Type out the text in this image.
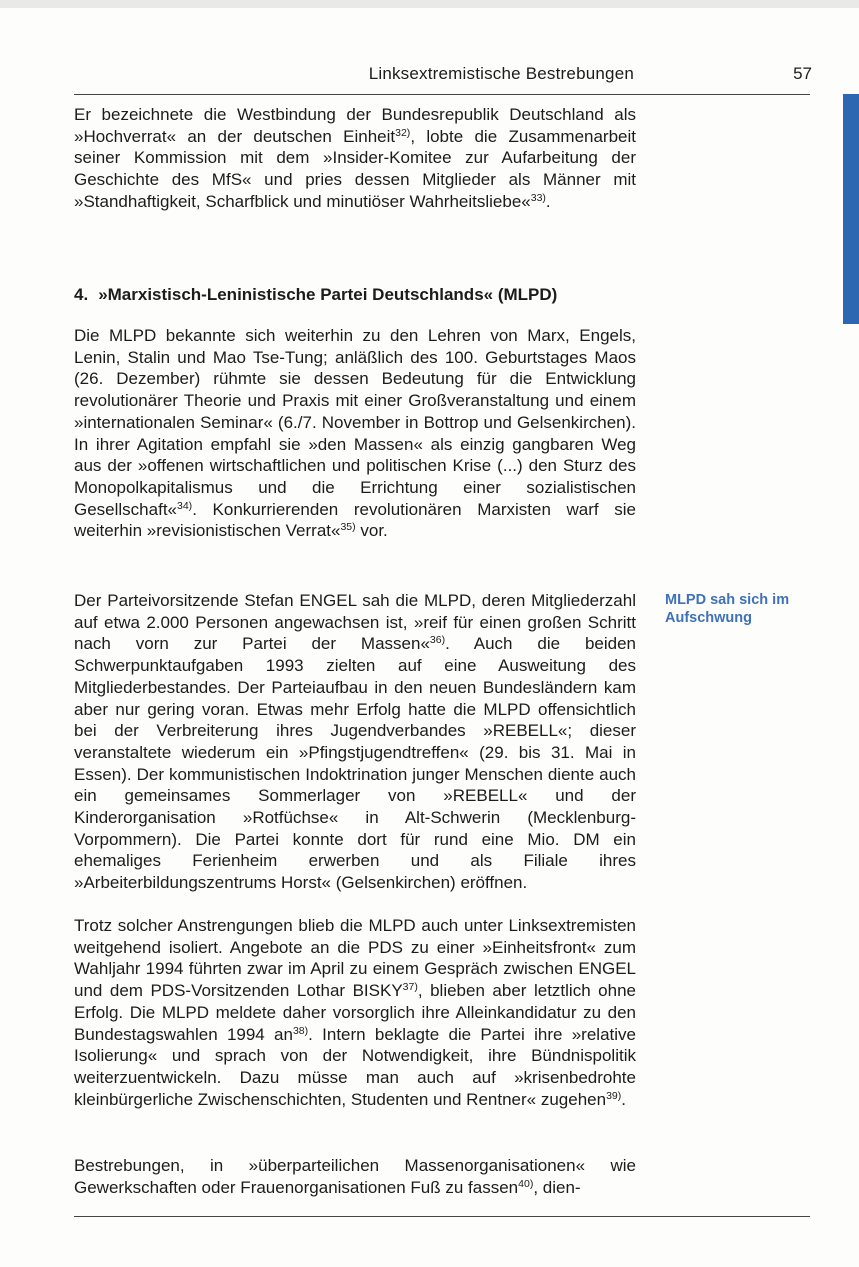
Linksextremistische Bestrebungen	57

Er bezeichnete die Westbindung der Bundesrepublik Deutschland als »Hochverrat« an der deutschen Einheit$^{32)}$, lobte die Zusammenarbeit seiner Kommission mit dem »Insider-Komitee zur Aufarbeitung der Geschichte des MfS« und pries dessen Mitglieder als Männer mit »Standhaftigkeit, Scharfblick und minutiöser Wahrheitsliebe«$^{33)}$.

4. »Marxistisch-Leninistische Partei Deutschlands« (MLPD)

Die MLPD bekannte sich weiterhin zu den Lehren von Marx, Engels, Lenin, Stalin und Mao Tse-Tung; anläßlich des 100. Geburtstages Maos (26. Dezember) rühmte sie dessen Bedeutung für die Entwicklung revolutionärer Theorie und Praxis mit einer Großveranstaltung und einem »internationalen Seminar« (6./7. November in Bottrop und Gelsenkirchen). In ihrer Agitation empfahl sie »den Massen« als einzig gangbaren Weg aus der »offenen wirtschaftlichen und politischen Krise (...) den Sturz des Monopolkapitalismus und die Errichtung einer sozialistischen Gesellschaft«$^{34)}$. Konkurrierenden revolutionären Marxisten warf sie weiterhin »revisionistischen Verrat«$^{35)}$ vor.

Der Parteivorsitzende Stefan ENGEL sah die MLPD, deren Mitgliederzahl auf etwa 2.000 Personen angewachsen ist, »reif für einen großen Schritt nach vorn zur Partei der Massen«$^{36)}$. Auch die beiden Schwerpunktaufgaben 1993 zielten auf eine Ausweitung des Mitgliederbestandes. Der Parteiaufbau in den neuen Bundesländern kam aber nur gering voran. Etwas mehr Erfolg hatte die MLPD offensichtlich bei der Verbreiterung ihres Jugendverbandes »REBELL«; dieser veranstaltete wiederum ein »Pfingstjugendtreffen« (29. bis 31. Mai in Essen). Der kommunistischen Indoktrination junger Menschen diente auch ein gemeinsames Sommerlager von »REBELL« und der Kinderorganisation »Rotfüchse« in Alt-Schwerin (Mecklenburg-Vorpommern). Die Partei konnte dort für rund eine Mio. DM ein ehemaliges Ferienheim erwerben und als Filiale ihres »Arbeiterbildungszentrums Horst« (Gelsenkirchen) eröffnen.

Trotz solcher Anstrengungen blieb die MLPD auch unter Linksextremisten weitgehend isoliert. Angebote an die PDS zu einer »Einheitsfront« zum Wahljahr 1994 führten zwar im April zu einem Gespräch zwischen ENGEL und dem PDS-Vorsitzenden Lothar BISKY$^{37)}$, blieben aber letztlich ohne Erfolg. Die MLPD meldete daher vorsorglich ihre Alleinkandidatur zu den Bundestagswahlen 1994 $an^{38)}$. Intern beklagte die Partei ihre »relative Isolierung« und sprach von der Notwendigkeit, ihre Bündnispolitik weiterzuentwickeln. Dazu müsse man auch auf »krisenbedrohte kleinbürgerliche Zwischenschichten, Studenten und Rentner« zugehen$^{39)}$.

Bestrebungen, in »überparteilichen Massenorganisationen« wie Gewerkschaften oder Frauenorganisationen Fuß zu fassen$^{40)}$, dien-

MLPD sah sich im Aufschwung
